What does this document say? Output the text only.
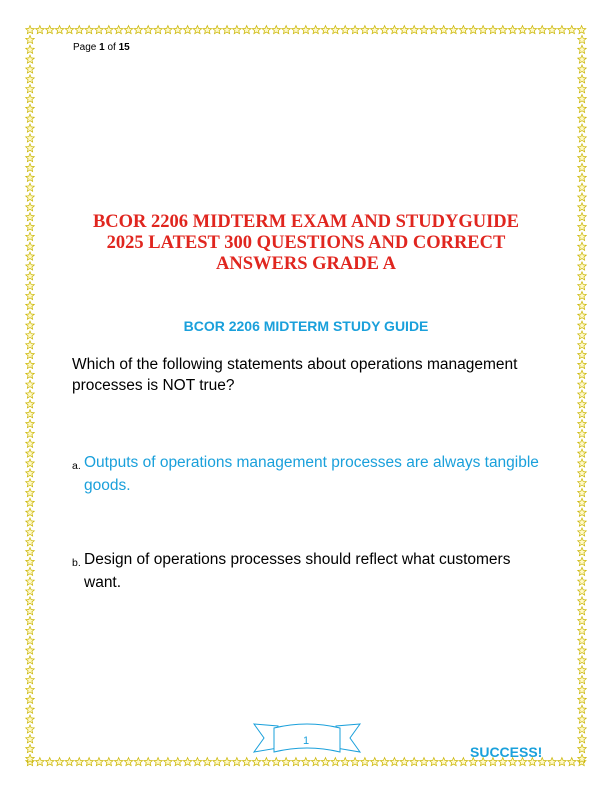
Page 1 of 15
BCOR 2206 MIDTERM EXAM AND STUDYGUIDE
2025 LATEST 300 QUESTIONS AND CORRECT
ANSWERS GRADE A
BCOR 2206 MIDTERM STUDY GUIDE
Which of the following statements about operations management processes is NOT true?
a. Outputs of operations management processes are always tangible goods.
b. Design of operations processes should reflect what customers want.
1
SUCCESS!
